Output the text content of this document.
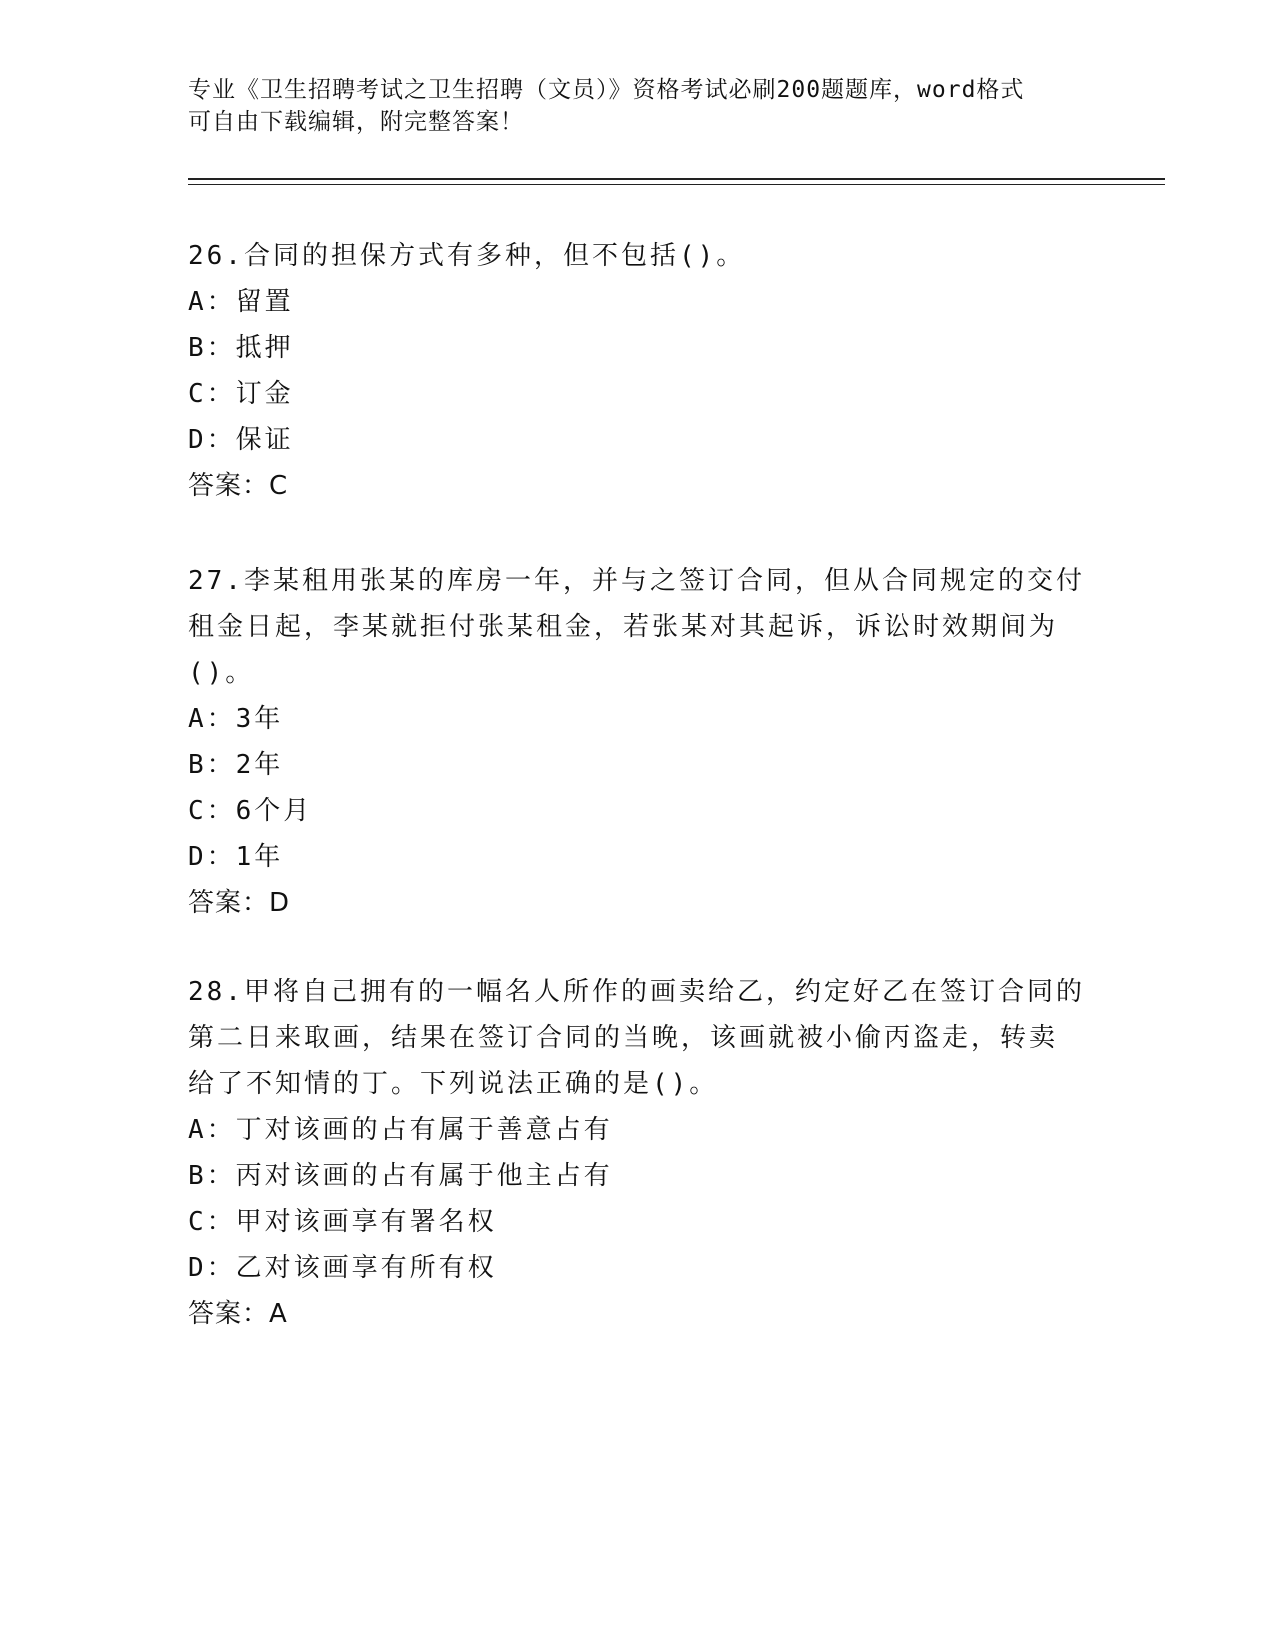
专业《卫生招聘考试之卫生招聘（文员）》资格考试必刷200题题库，word格式
可自由下载编辑，附完整答案！
26.合同的担保方式有多种，但不包括()。
A：留置
B：抵押
C：订金
D：保证
答案：C
27.李某租用张某的库房一年，并与之签订合同，但从合同规定的交付
租金日起，李某就拒付张某租金，若张某对其起诉，诉讼时效期间为
()。
A：3年
B：2年
C：6个月
D：1年
答案：D
28.甲将自己拥有的一幅名人所作的画卖给乙，约定好乙在签订合同的
第二日来取画，结果在签订合同的当晚，该画就被小偷丙盗走，转卖
给了不知情的丁。下列说法正确的是()。
A：丁对该画的占有属于善意占有
B：丙对该画的占有属于他主占有
C：甲对该画享有署名权
D：乙对该画享有所有权
答案：A
